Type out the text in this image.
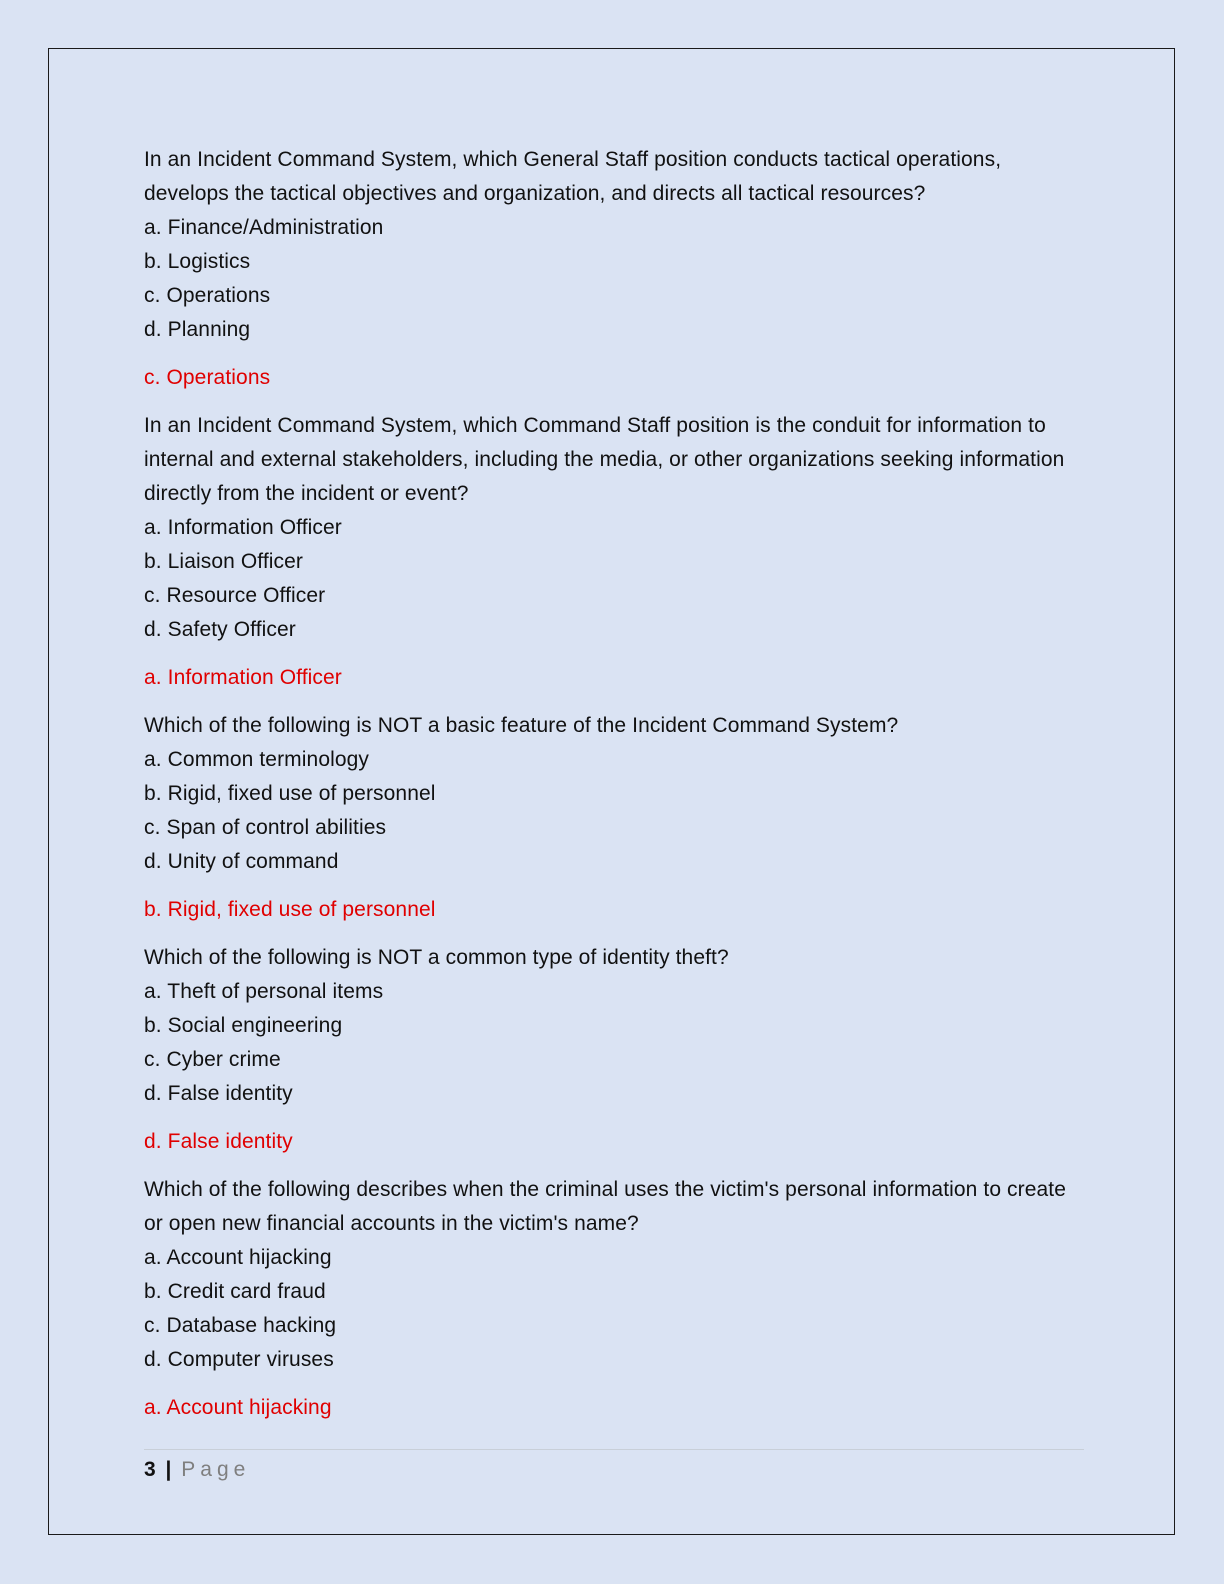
In an Incident Command System, which General Staff position conducts tactical operations, develops the tactical objectives and organization, and directs all tactical resources?

a. Finance/Administration

b. Logistics

c. Operations

d. Planning

c. Operations

In an Incident Command System, which Command Staff position is the conduit for information to internal and external stakeholders, including the media, or other organizations seeking information directly from the incident or event?

a. Information Officer

b. Liaison Officer

c. Resource Officer

d. Safety Officer

a. Information Officer

Which of the following is NOT a basic feature of the Incident Command System?

a. Common terminology

b. Rigid, fixed use of personnel

c. Span of control abilities

d. Unity of command

b. Rigid, fixed use of personnel

Which of the following is NOT a common type of identity theft?

a. Theft of personal items

b. Social engineering

c. Cyber crime

d. False identity

d. False identity

Which of the following describes when the criminal uses the victim's personal information to create or open new financial accounts in the victim's name?

a. Account hijacking

b. Credit card fraud

c. Database hacking

d. Computer viruses

a. Account hijacking

3 | Page
